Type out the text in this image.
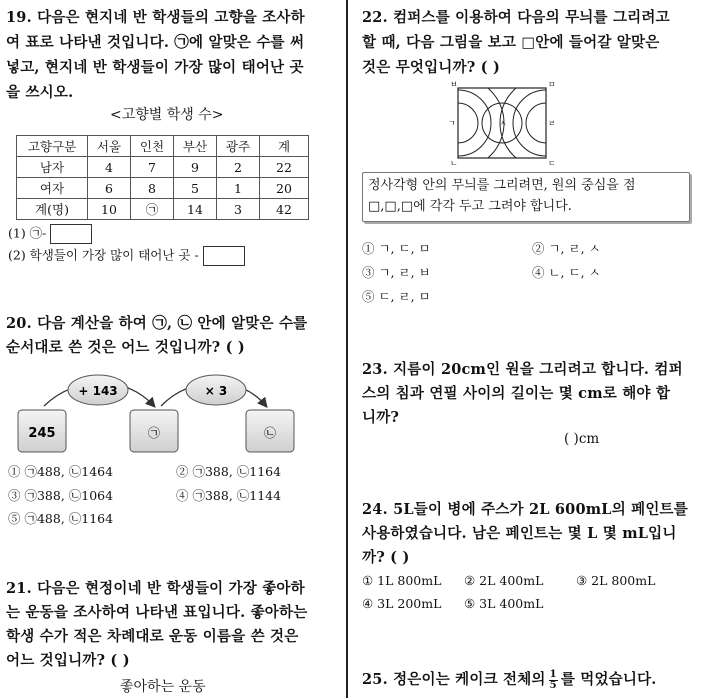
19. 다음은 현지네 반 학생들의 고향을 조사하
여 표로 나타낸 것입니다. ㉠에 알맞은 수를 써
넣고, 현지네 반 학생들이 가장 많이 태어난 곳
을 쓰시오.
<고향별 학생 수>
고향구분	서울	인천	부산	광주	계
남자	4	7	9	2	22
여자	6	8	5	1	20
계(명)	10	㉠	14	3	42
(1) ㉠-
(2) 학생들이 가장 많이 태어난 곳 -
20. 다음 계산을 하여 ㉠, ㉡ 안에 알맞은 수를
순서대로 쓴 것은 어느 것입니까? ( )
245
+ 143
㉠
× 3
㉡
① ㉠488, ㉡1464	② ㉠388, ㉡1164
③ ㉠388, ㉡1064	④ ㉠388, ㉡1144
⑤ ㉠488, ㉡1164
21. 다음은 현정이네 반 학생들이 가장 좋아하
는 운동을 조사하여 나타낸 표입니다. 좋아하는
학생 수가 적은 차례대로 운동 이름을 쓴 것은
어느 것입니까? ( )
좋아하는 운동
22. 컴퍼스를 이용하여 다음의 무늬를 그리려고
할 때, 다음 그림을 보고 □안에 들어갈 알맞은
것은 무엇입니까? ( )
ㅂ	ㅁ
ㄱ	ㅅ	ㄹ
ㄴ	ㄷ
정사각형 안의 무늬를 그리려면, 원의 중심을 점 □,□,□에 각각 두고 그려야 합니다.
① ㄱ, ㄷ, ㅁ	② ㄱ, ㄹ, ㅅ
③ ㄱ, ㄹ, ㅂ	④ ㄴ, ㄷ, ㅅ
⑤ ㄷ, ㄹ, ㅁ
23. 지름이 20cm인 원을 그리려고 합니다. 컴퍼
스의 침과 연필 사이의 길이는 몇 cm로 해야 합
니까?
( )cm
24. 5L들이 병에 주스가 2L 600mL의 페인트를
사용하였습니다. 남은 페인트는 몇 L 몇 mL입니
까? ( )
① 1L 800mL ② 2L 400mL	③ 2L 800mL
④ 3L 200mL ⑤ 3L 400mL
25. 정은이는 케이크 전체의 $\frac{1}{5}$ 를 먹었습니다.
